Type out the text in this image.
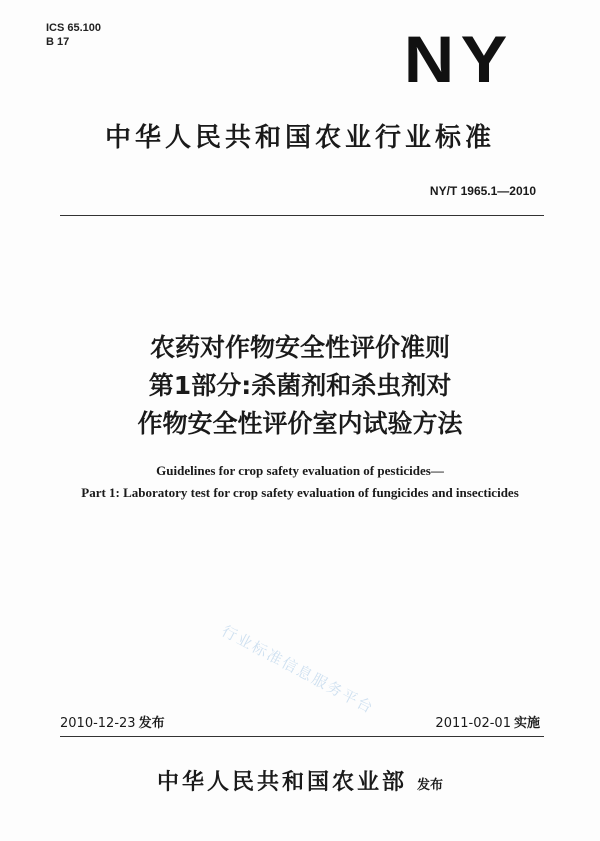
ICS 65.100
B 17	NY
中华人民共和国农业行业标准
NY/T 1965.1—2010
农药对作物安全性评价准则
第1部分:杀菌剂和杀虫剂对
作物安全性评价室内试验方法
Guidelines for crop safety evaluation of pesticides—
Part 1: Laboratory test for crop safety evaluation of fungicides and insecticides
行业标准信息服务平台
2010-12-23 发布	2011-02-01 实施
中华人民共和国农业部 发布
